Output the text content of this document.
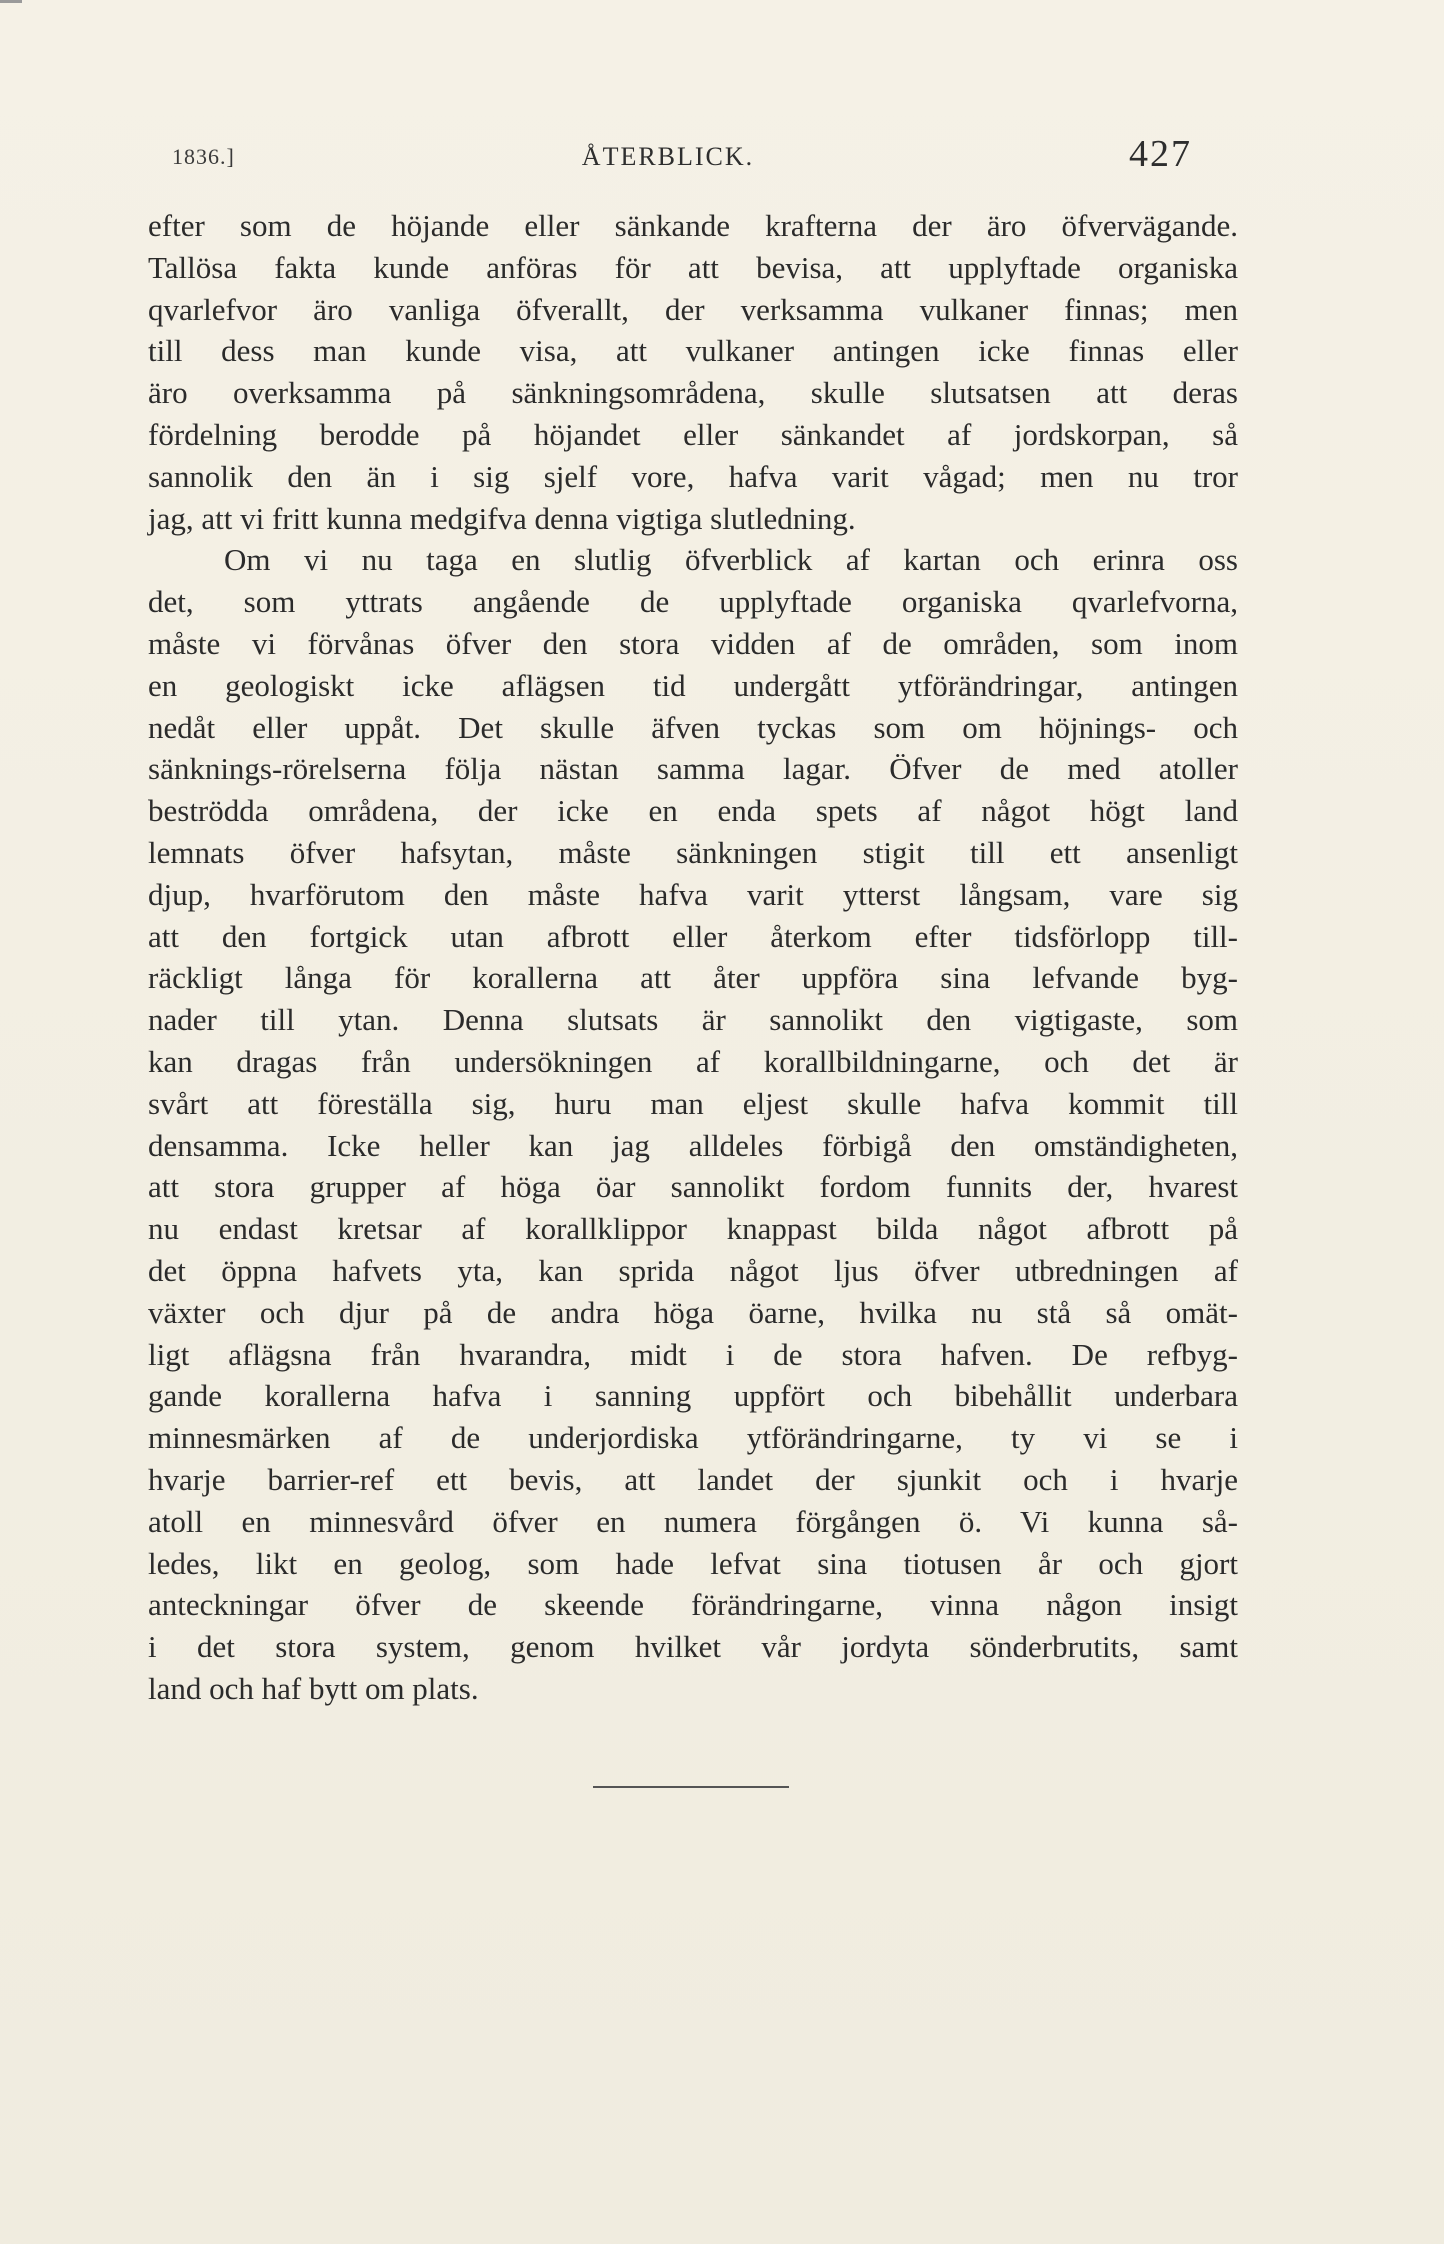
1836.]	ÅTERBLICK.	427
efter som de höjande eller sänkande krafterna der äro öfvervägande.
Tallösa fakta kunde anföras för att bevisa, att upplyftade organiska
qvarlefvor äro vanliga öfverallt, der verksamma vulkaner finnas; men
till dess man kunde visa, att vulkaner antingen icke finnas eller
äro overksamma på sänkningsområdena, skulle slutsatsen att deras
fördelning berodde på höjandet eller sänkandet af jordskorpan, så
sannolik den än i sig sjelf vore, hafva varit vågad; men nu tror
jag, att vi fritt kunna medgifva denna vigtiga slutledning.
Om vi nu taga en slutlig öfverblick af kartan och erinra oss
det, som yttrats angående de upplyftade organiska qvarlefvorna,
måste vi förvånas öfver den stora vidden af de områden, som inom
en geologiskt icke aflägsen tid undergått ytförändringar, antingen
nedåt eller uppåt. Det skulle äfven tyckas som om höjnings- och
sänknings-rörelserna följa nästan samma lagar. Öfver de med atoller
beströdda områdena, der icke en enda spets af något högt land
lemnats öfver hafsytan, måste sänkningen stigit till ett ansenligt
djup, hvarförutom den måste hafva varit ytterst långsam, vare sig
att den fortgick utan afbrott eller återkom efter tidsförlopp till-
räckligt långa för korallerna att åter uppföra sina lefvande byg-
nader till ytan. Denna slutsats är sannolikt den vigtigaste, som
kan dragas från undersökningen af korallbildningarne, och det är
svårt att föreställa sig, huru man eljest skulle hafva kommit till
densamma. Icke heller kan jag alldeles förbigå den omständigheten,
att stora grupper af höga öar sannolikt fordom funnits der, hvarest
nu endast kretsar af korallklippor knappast bilda något afbrott på
det öppna hafvets yta, kan sprida något ljus öfver utbredningen af
växter och djur på de andra höga öarne, hvilka nu stå så omät-
ligt aflägsna från hvarandra, midt i de stora hafven. De refbyg-
gande korallerna hafva i sanning uppfört och bibehållit underbara
minnesmärken af de underjordiska ytförändringarne, ty vi se i
hvarje barrier-ref ett bevis, att landet der sjunkit och i hvarje
atoll en minnesvård öfver en numera förgången ö. Vi kunna så-
ledes, likt en geolog, som hade lefvat sina tiotusen år och gjort
anteckningar öfver de skeende förändringarne, vinna någon insigt
i det stora system, genom hvilket vår jordyta sönderbrutits, samt
land och haf bytt om plats.
